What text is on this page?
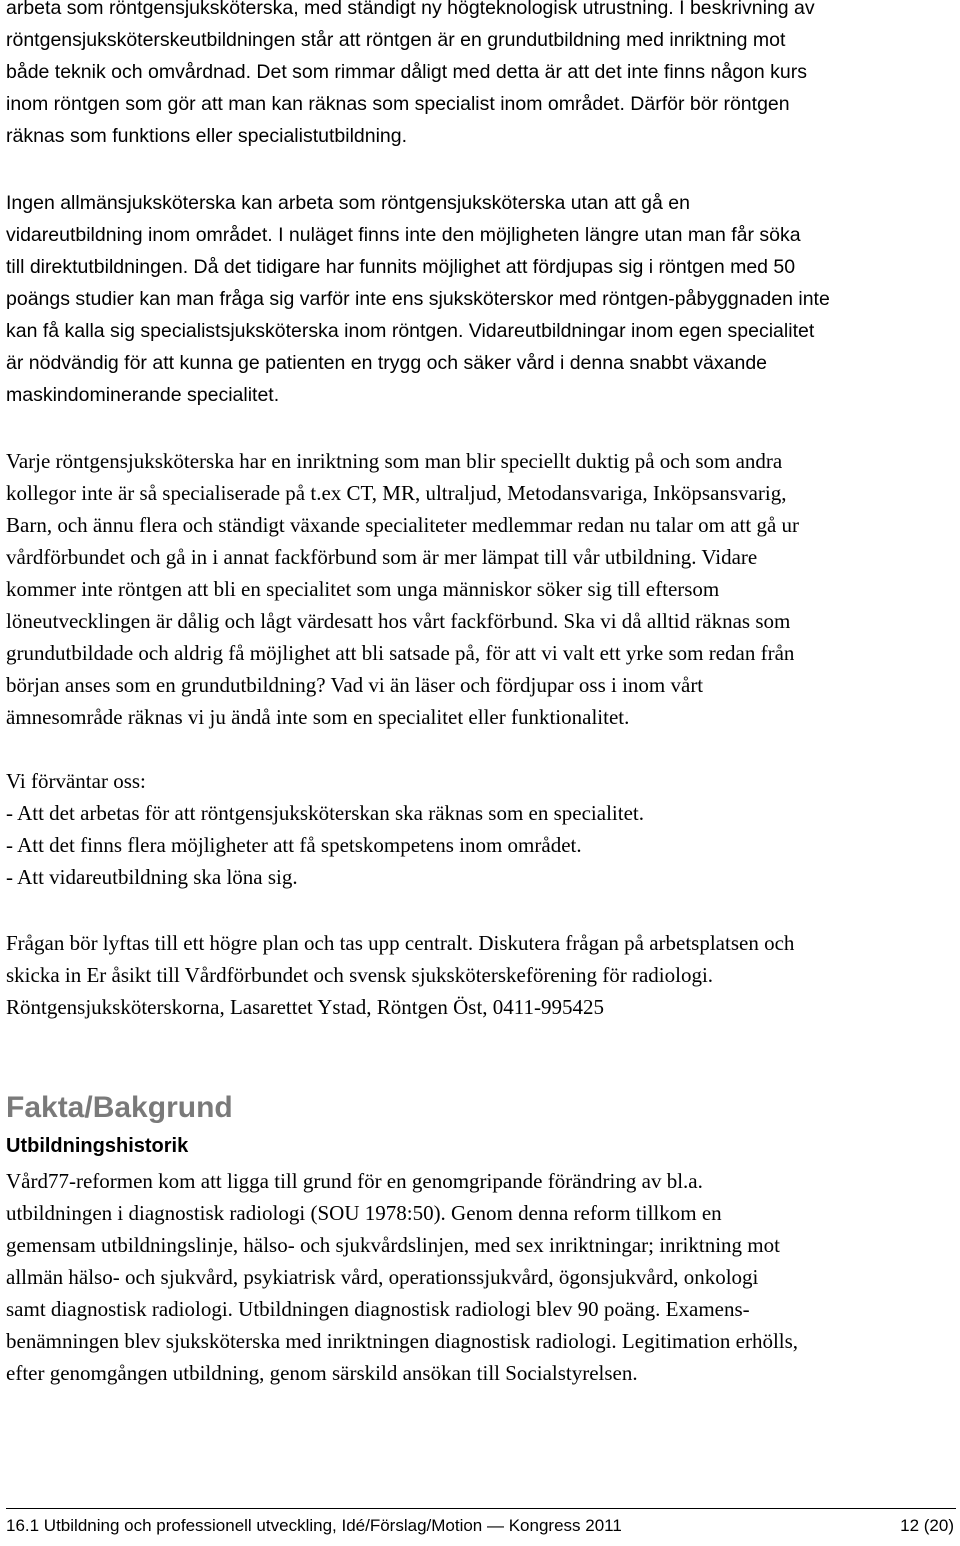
arbeta som röntgensjuksköterska, med ständigt ny högteknologisk utrustning. I beskrivning av
röntgensjuksköterskeutbildningen står att röntgen är en grundutbildning med inriktning mot
både teknik och omvårdnad. Det som rimmar dåligt med detta är att det inte finns någon kurs
inom röntgen som gör att man kan räknas som specialist inom området. Därför bör röntgen
räknas som funktions eller specialistutbildning.
Ingen allmänsjuksköterska kan arbeta som röntgensjuksköterska utan att gå en
vidareutbildning inom området. I nuläget finns inte den möjligheten längre utan man får söka
till direktutbildningen. Då det tidigare har funnits möjlighet att fördjupas sig i röntgen med 50
poängs studier kan man fråga sig varför inte ens sjuksköterskor med röntgen-påbyggnaden inte
kan få kalla sig specialistsjuksköterska inom röntgen. Vidareutbildningar inom egen specialitet
är nödvändig för att kunna ge patienten en trygg och säker vård i denna snabbt växande
maskindominerande specialitet.
Varje röntgensjuksköterska har en inriktning som man blir speciellt duktig på och som andra
kollegor inte är så specialiserade på t.ex CT, MR, ultraljud, Metodansvariga, Inköpsansvarig,
Barn, och ännu flera och ständigt växande specialiteter medlemmar redan nu talar om att gå ur
vårdförbundet och gå in i annat fackförbund som är mer lämpat till vår utbildning. Vidare
kommer inte röntgen att bli en specialitet som unga människor söker sig till eftersom
löneutvecklingen är dålig och lågt värdesatt hos vårt fackförbund. Ska vi då alltid räknas som
grundutbildade och aldrig få möjlighet att bli satsade på, för att vi valt ett yrke som redan från
början anses som en grundutbildning? Vad vi än läser och fördjupar oss i inom vårt
ämnesområde räknas vi ju ändå inte som en specialitet eller funktionalitet.
Vi förväntar oss:
- Att det arbetas för att röntgensjuksköterskan ska räknas som en specialitet.
- Att det finns flera möjligheter att få spetskompetens inom området.
- Att vidareutbildning ska löna sig.
Frågan bör lyftas till ett högre plan och tas upp centralt. Diskutera frågan på arbetsplatsen och
skicka in Er åsikt till Vårdförbundet och svensk sjuksköterskeförening för radiologi.
Röntgensjuksköterskorna, Lasarettet Ystad, Röntgen Öst, 0411-995425
Fakta/Bakgrund
Utbildningshistorik
Vård77-reformen kom att ligga till grund för en genomgripande förändring av bl.a.
utbildningen i diagnostisk radiologi (SOU 1978:50). Genom denna reform tillkom en
gemensam utbildningslinje, hälso- och sjukvårdslinjen, med sex inriktningar; inriktning mot
allmän hälso- och sjukvård, psykiatrisk vård, operationssjukvård, ögonsjukvård, onkologi
samt diagnostisk radiologi. Utbildningen diagnostisk radiologi blev 90 poäng. Examens-
benämningen blev sjuksköterska med inriktningen diagnostisk radiologi. Legitimation erhölls,
efter genomgången utbildning, genom särskild ansökan till Socialstyrelsen.
16.1 Utbildning och professionell utveckling, Idé/Förslag/Motion — Kongress 2011	12 (20)
